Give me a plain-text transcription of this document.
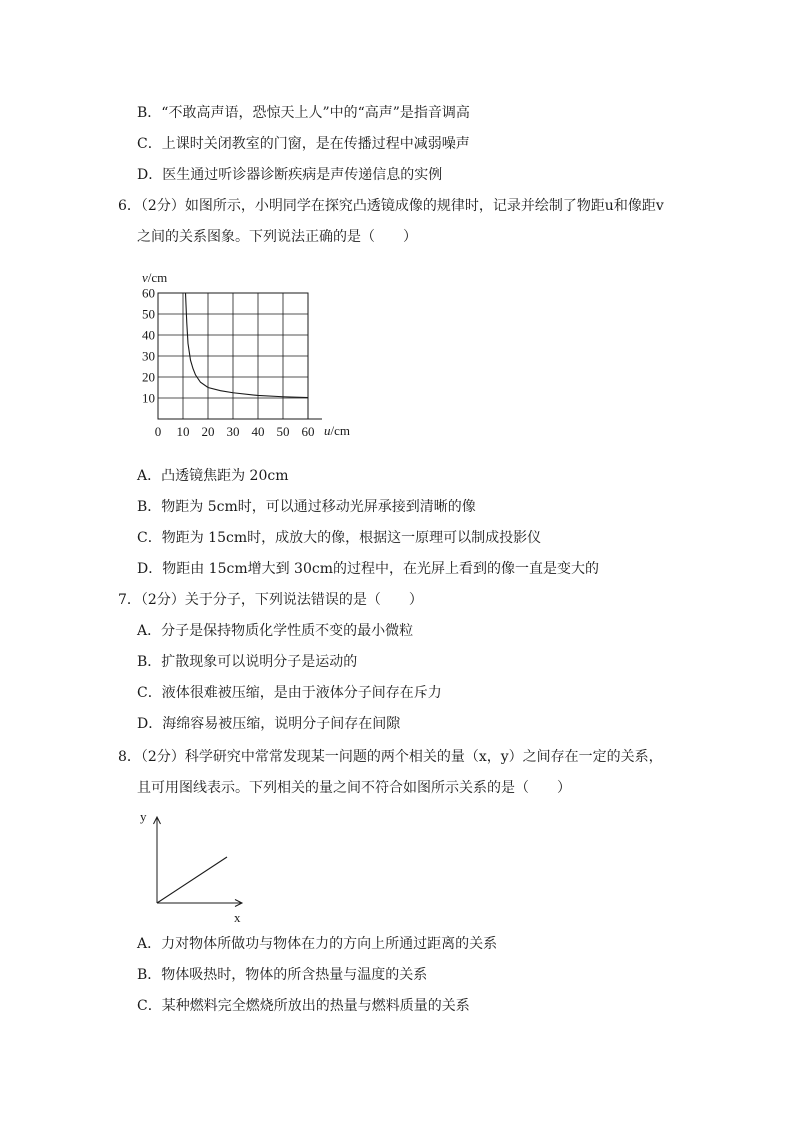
B．“不敢高声语，恐惊天上人”中的“高声”是指音调高
C．上课时关闭教室的门窗，是在传播过程中减弱噪声
D．医生通过听诊器诊断疾病是声传递信息的实例
6．（2分）如图所示，小明同学在探究凸透镜成像的规律时，记录并绘制了物距u和像距v
之间的关系图象。下列说法正确的是（　　）
0 10 20 30 40 50 60
10
20
30
40
50
60
v/cm
u/cm
A．凸透镜焦距为 20cm
B．物距为 5cm时，可以通过移动光屏承接到清晰的像
C．物距为 15cm时，成放大的像，根据这一原理可以制成投影仪
D．物距由 15cm增大到 30cm的过程中，在光屏上看到的像一直是变大的
7．（2分）关于分子，下列说法错误的是（　　）
A．分子是保持物质化学性质不变的最小微粒
B．扩散现象可以说明分子是运动的
C．液体很难被压缩，是由于液体分子间存在斥力
D．海绵容易被压缩，说明分子间存在间隙
8．（2分）科学研究中常常发现某一问题的两个相关的量（x，y）之间存在一定的关系，
且可用图线表示。下列相关的量之间不符合如图所示关系的是（　　）
y
x
A．力对物体所做功与物体在力的方向上所通过距离的关系
B．物体吸热时，物体的所含热量与温度的关系
C．某种燃料完全燃烧所放出的热量与燃料质量的关系
